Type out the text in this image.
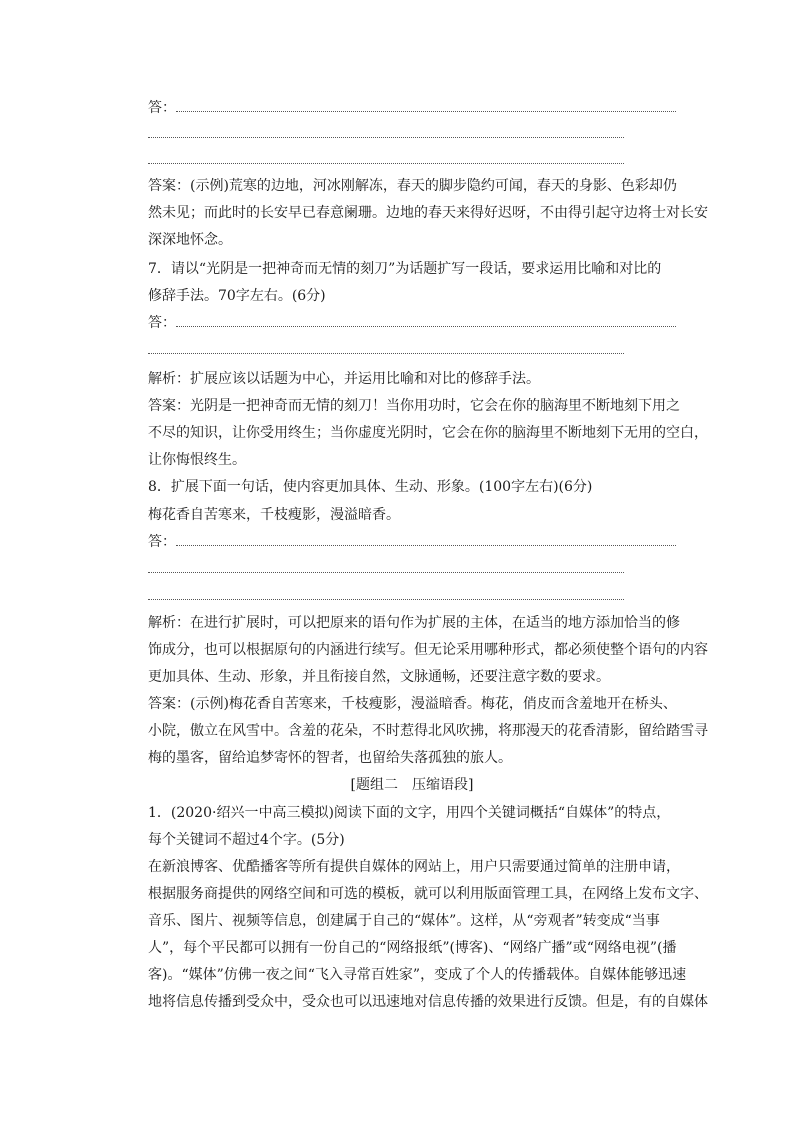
答：
答案：(示例)荒寒的边地，河冰刚解冻，春天的脚步隐约可闻，春天的身影、色彩却仍
然未见；而此时的长安早已春意阑珊。边地的春天来得好迟呀，不由得引起守边将士对长安
深深地怀念。
7．请以“光阴是一把神奇而无情的刻刀”为话题扩写一段话，要求运用比喻和对比的
修辞手法。70字左右。(6分)
答：
解析：扩展应该以话题为中心，并运用比喻和对比的修辞手法。
答案：光阴是一把神奇而无情的刻刀！当你用功时，它会在你的脑海里不断地刻下用之
不尽的知识，让你受用终生；当你虚度光阴时，它会在你的脑海里不断地刻下无用的空白，
让你悔恨终生。
8．扩展下面一句话，使内容更加具体、生动、形象。(100字左右)(6分)
梅花香自苦寒来，千枝瘦影，漫溢暗香。
答：
解析：在进行扩展时，可以把原来的语句作为扩展的主体，在适当的地方添加恰当的修
饰成分，也可以根据原句的内涵进行续写。但无论采用哪种形式，都必须使整个语句的内容
更加具体、生动、形象，并且衔接自然，文脉通畅，还要注意字数的要求。
答案：(示例)梅花香自苦寒来，千枝瘦影，漫溢暗香。梅花，俏皮而含羞地开在桥头、
小院，傲立在风雪中。含羞的花朵，不时惹得北风吹拂，将那漫天的花香清影，留给踏雪寻
梅的墨客，留给追梦寄怀的智者，也留给失落孤独的旅人。
[题组二　压缩语段]
1．(2020·绍兴一中高三模拟)阅读下面的文字，用四个关键词概括“自媒体”的特点，
每个关键词不超过4个字。(5分)
在新浪博客、优酷播客等所有提供自媒体的网站上，用户只需要通过简单的注册申请，
根据服务商提供的网络空间和可选的模板，就可以利用版面管理工具，在网络上发布文字、
音乐、图片、视频等信息，创建属于自己的“媒体”。这样，从“旁观者”转变成“当事
人”，每个平民都可以拥有一份自己的“网络报纸”(博客)、“网络广播”或“网络电视”(播
客)。“媒体”仿佛一夜之间“飞入寻常百姓家”，变成了个人的传播载体。自媒体能够迅速
地将信息传播到受众中，受众也可以迅速地对信息传播的效果进行反馈。但是，有的自媒体
